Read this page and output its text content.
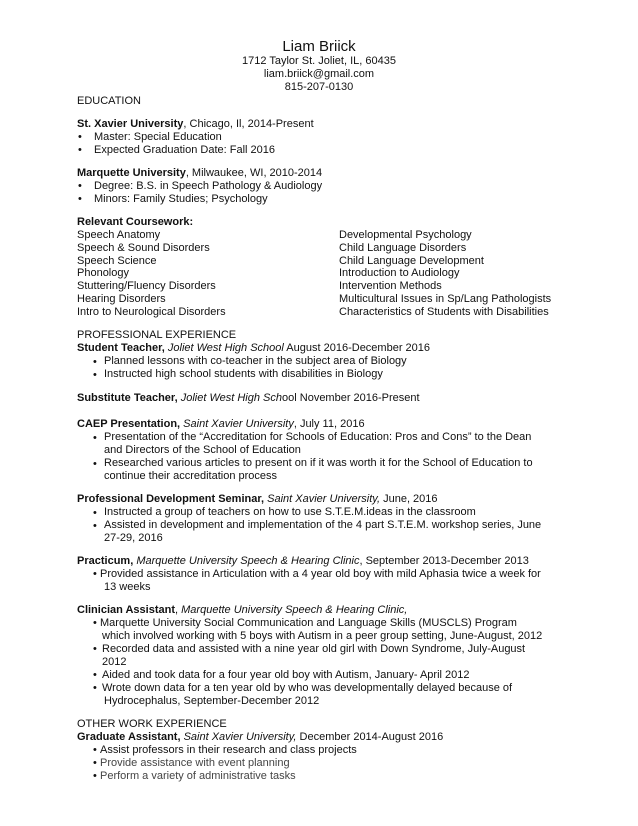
Liam Briick
1712 Taylor St. Joliet, IL, 60435
liam.briick@gmail.com
815-207-0130
EDUCATION
St. Xavier University, Chicago, Il, 2014-Present
• Master: Special Education
• Expected Graduation Date: Fall 2016
Marquette University, Milwaukee, WI, 2010-2014
• Degree: B.S. in Speech Pathology & Audiology
• Minors: Family Studies; Psychology
Relevant Coursework:
Speech Anatomy
Speech & Sound Disorders
Speech Science
Phonology
Stuttering/Fluency Disorders
Hearing Disorders
Intro to Neurological Disorders
Developmental Psychology
Child Language Disorders
Child Language Development
Introduction to Audiology
Intervention Methods
Multicultural Issues in Sp/Lang Pathologists
Characteristics of Students with Disabilities
PROFESSIONAL EXPERIENCE
Student Teacher, Joliet West High School August 2016-December 2016
• Planned lessons with co-teacher in the subject area of Biology
• Instructed high school students with disabilities in Biology
Substitute Teacher, Joliet West High School November 2016-Present
CAEP Presentation, Saint Xavier University, July 11, 2016
• Presentation of the “Accreditation for Schools of Education: Pros and Cons” to the Dean
and Directors of the School of Education
• Researched various articles to present on if it was worth it for the School of Education to
continue their accreditation process
Professional Development Seminar, Saint Xavier University, June, 2016
• Instructed a group of teachers on how to use S.T.E.M.ideas in the classroom
• Assisted in development and implementation of the 4 part S.T.E.M. workshop series, June
27-29, 2016
Practicum, Marquette University Speech & Hearing Clinic, September 2013-December 2013
• Provided assistance in Articulation with a 4 year old boy with mild Aphasia twice a week for
13 weeks
Clinician Assistant, Marquette University Speech & Hearing Clinic,
• Marquette University Social Communication and Language Skills (MUSCLS) Program
which involved working with 5 boys with Autism in a peer group setting, June-August, 2012
• Recorded data and assisted with a nine year old girl with Down Syndrome, July-August
2012
• Aided and took data for a four year old boy with Autism, January- April 2012
• Wrote down data for a ten year old by who was developmentally delayed because of
Hydrocephalus, September-December 2012
OTHER WORK EXPERIENCE
Graduate Assistant, Saint Xavier University, December 2014-August 2016
• Assist professors in their research and class projects
• Provide assistance with event planning
• Perform a variety of administrative tasks
